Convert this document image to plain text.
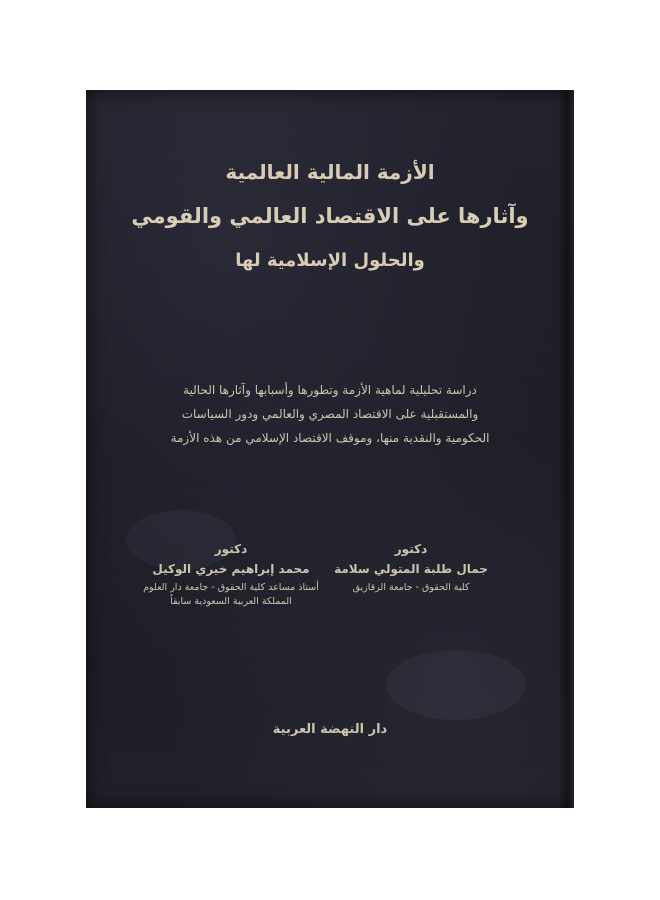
الأزمة المالية العالمية
وآثارها على الاقتصاد العالمي والقومي
والحلول الإسلامية لها
دراسة تحليلية لماهية الأزمة وتطورها وأسبابها وآثارها الحالية
والمستقبلية على الاقتصاد المصري والعالمي ودور السياسات
الحكومية والنقدية منها، وموقف الاقتصاد الإسلامي من هذه الأزمة
دكتور
جمال طلبة المتولي سلامة
كلية الحقوق - جامعة الزقازيق
دكتور
محمد إبراهيم خيري الوكيل
أستاذ مساعد كلية الحقوق - جامعة دار العلوم
المملكة العربية السعودية سابقاً
دار النهضة العربية
